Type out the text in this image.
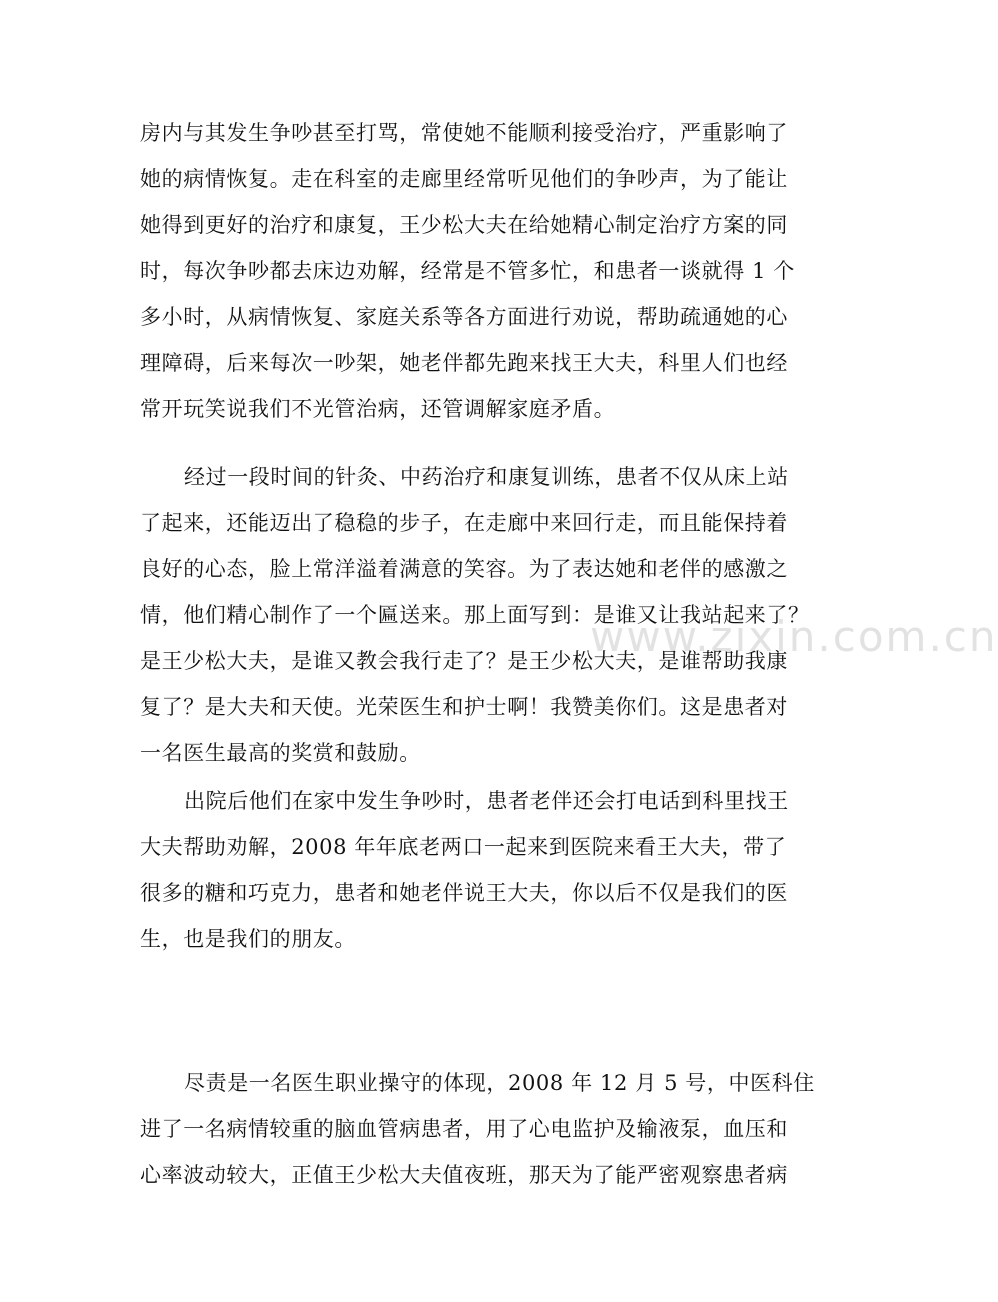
房内与其发生争吵甚至打骂，常使她不能顺利接受治疗，严重影响了
她的病情恢复。走在科室的走廊里经常听见他们的争吵声，为了能让
她得到更好的治疗和康复，王少松大夫在给她精心制定治疗方案的同
时，每次争吵都去床边劝解，经常是不管多忙，和患者一谈就得 1 个
多小时，从病情恢复、家庭关系等各方面进行劝说，帮助疏通她的心
理障碍，后来每次一吵架，她老伴都先跑来找王大夫，科里人们也经
常开玩笑说我们不光管治病，还管调解家庭矛盾。
经过一段时间的针灸、中药治疗和康复训练，患者不仅从床上站
了起来，还能迈出了稳稳的步子，在走廊中来回行走，而且能保持着
良好的心态，脸上常洋溢着满意的笑容。为了表达她和老伴的感激之
情，他们精心制作了一个匾送来。那上面写到：是谁又让我站起来了？
是王少松大夫，是谁又教会我行走了？是王少松大夫，是谁帮助我康
复了？是大夫和天使。光荣医生和护士啊！我赞美你们。这是患者对
一名医生最高的奖赏和鼓励。
出院后他们在家中发生争吵时，患者老伴还会打电话到科里找王
大夫帮助劝解，2008 年年底老两口一起来到医院来看王大夫，带了
很多的糖和巧克力，患者和她老伴说王大夫，你以后不仅是我们的医
生，也是我们的朋友。
尽责是一名医生职业操守的体现，2008 年 12 月 5 号，中医科住
进了一名病情较重的脑血管病患者，用了心电监护及输液泵，血压和
心率波动较大，正值王少松大夫值夜班，那天为了能严密观察患者病
www.zixin.com.cn
